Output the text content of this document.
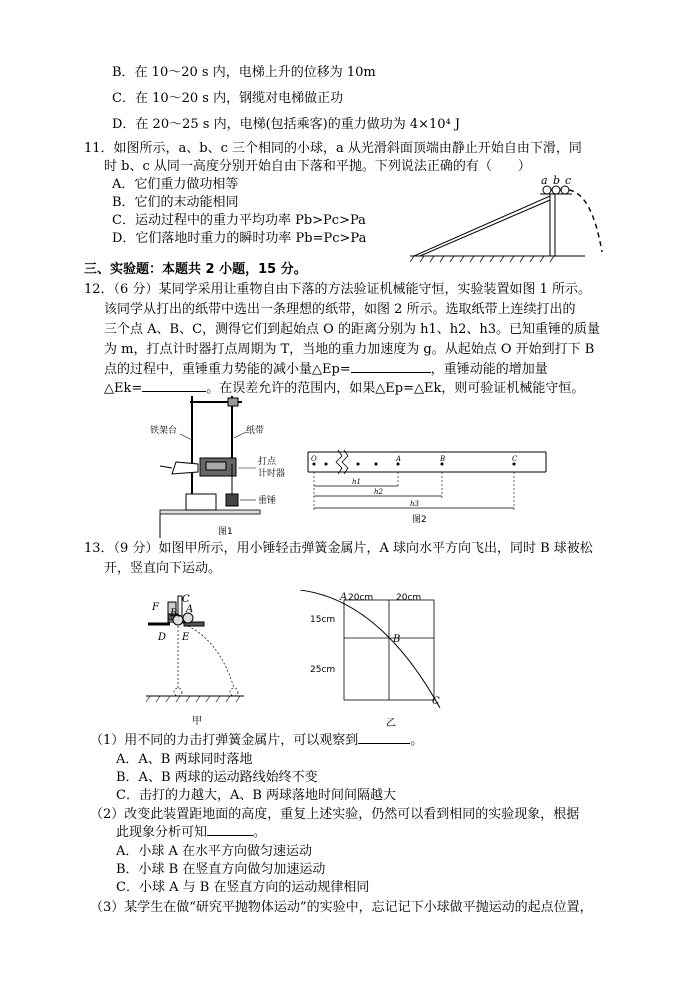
B．在 10～20 s 内，电梯上升的位移为 10m
C．在 10～20 s 内，钢缆对电梯做正功
D．在 20～25 s 内，电梯(包括乘客)的重力做功为 4×10⁴ J
11．如图所示，a、b、c 三个相同的小球，a 从光滑斜面顶端由静止开始自由下滑，同
时 b、c 从同一高度分别开始自由下落和平抛。下列说法正确的有（　　）
A．它们重力做功相等
B．它们的末动能相同
C．运动过程中的重力平均功率 Pb>Pc>Pa
D．它们落地时重力的瞬时功率 Pb=Pc>Pa
a b c
三、实验题：本题共 2 小题，15 分。
12．（6 分）某同学采用让重物自由下落的方法验证机械能守恒，实验装置如图 1 所示。
该同学从打出的纸带中选出一条理想的纸带，如图 2 所示。选取纸带上连续打出的
三个点 A、B、C，测得它们到起始点 O 的距离分别为 h1、h2、h3。已知重锤的质量
为 m，打点计时器打点周期为 T，当地的重力加速度为 g。从起始点 O 开始到打下 B
点的过程中，重锤重力势能的减小量△Ep=	，重锤动能的增加量
△Ek=	。在误差允许的范围内，如果△Ep=△Ek，则可验证机械能守恒。
铁架台	纸带
打点
计时器
重锤
图1
O	A	B	C
h1
h2
h3
图2
13．（9 分）如图甲所示，用小锤轻击弹簧金属片，A 球向水平方向飞出，同时 B 球被松
开，竖直向下运动。
F
C
B A
D E
甲
20cm	20cm
15cm
25cm
A
B
C
乙
（1）用不同的力击打弹簧金属片，可以观察到	。
A．A、B 两球同时落地
B．A、B 两球的运动路线始终不变
C．击打的力越大，A、B 两球落地时间间隔越大
（2）改变此装置距地面的高度，重复上述实验，仍然可以看到相同的实验现象，根据
此现象分析可知	。
A．小球 A 在水平方向做匀速运动
B．小球 B 在竖直方向做匀加速运动
C．小球 A 与 B 在竖直方向的运动规律相同
（3）某学生在做“研究平抛物体运动”的实验中，忘记记下小球做平抛运动的起点位置，
